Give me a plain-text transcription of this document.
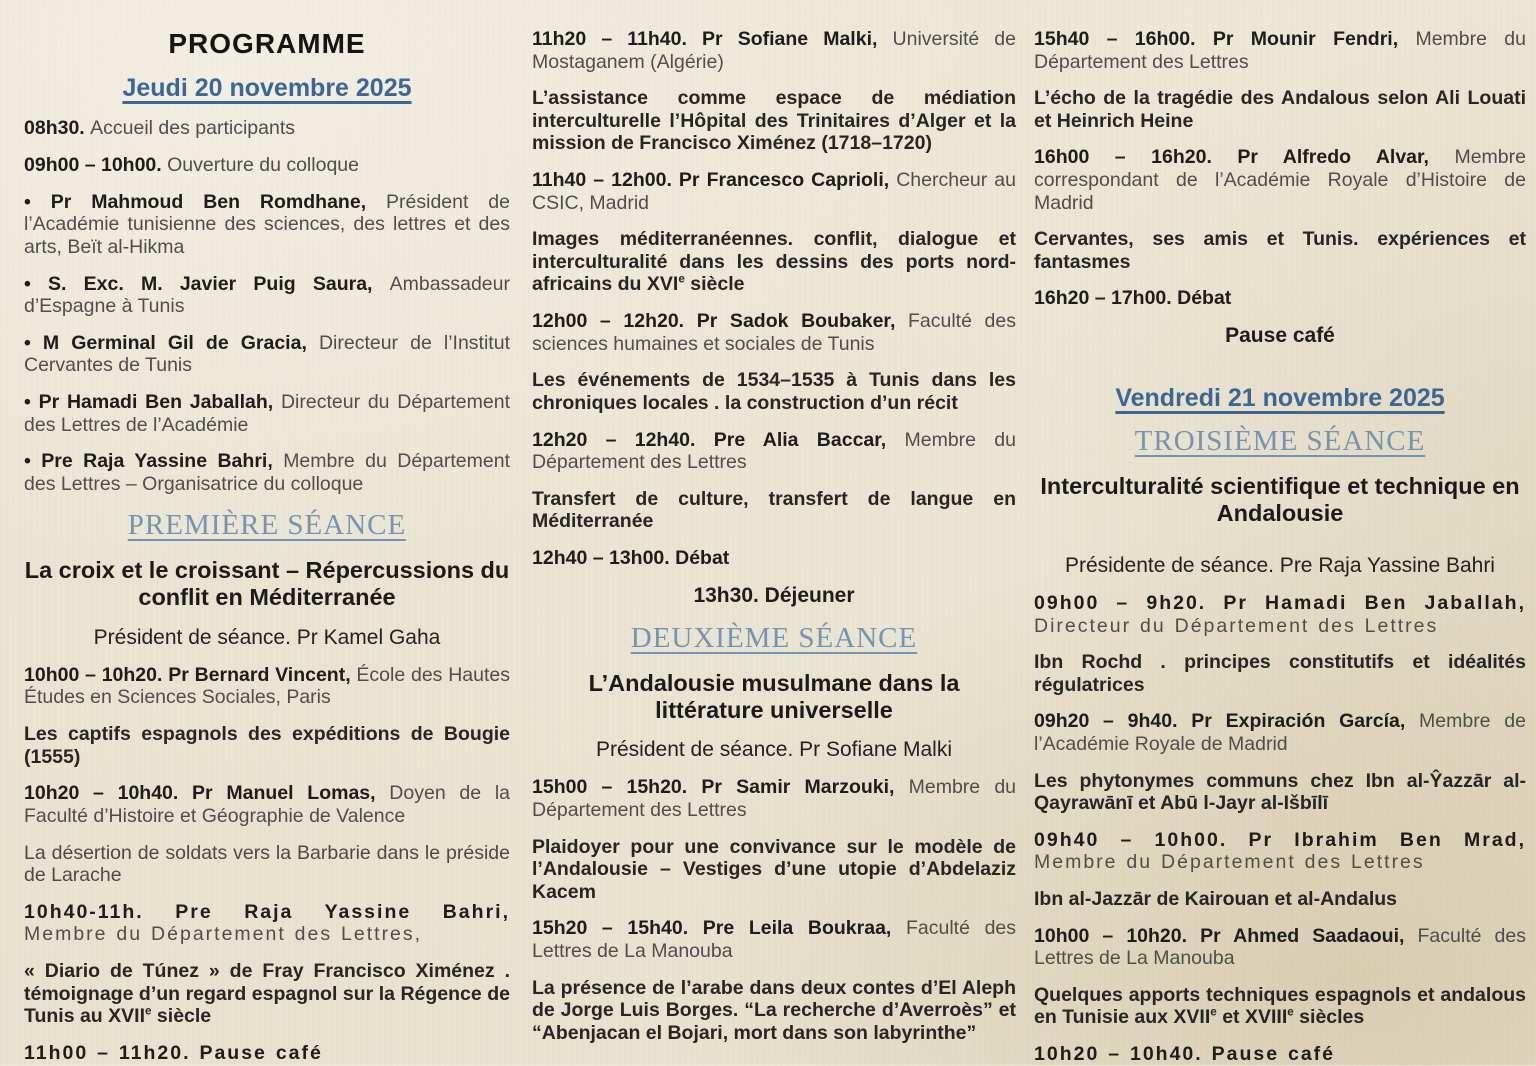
PROGRAMME

Jeudi 20 novembre 2025

08h30. Accueil des participants

09h00 – 10h00. Ouverture du colloque

• Pr Mahmoud Ben Romdhane, Président de l’Académie tunisienne des sciences, des lettres et des arts, Beït al-Hikma

• S. Exc. M. Javier Puig Saura, Ambassadeur d’Espagne à Tunis

• M Germinal Gil de Gracia, Directeur de l’Institut Cervantes de Tunis

• Pr Hamadi Ben Jaballah, Directeur du Département des Lettres de l’Académie

• Pre Raja Yassine Bahri, Membre du Département des Lettres – Organisatrice du colloque

PREMIÈRE SÉANCE

La croix et le croissant – Répercussions du conflit en Méditerranée

Président de séance. Pr Kamel Gaha

10h00 – 10h20. Pr Bernard Vincent, École des Hautes Études en Sciences Sociales, Paris

Les captifs espagnols des expéditions de Bougie (1555)

10h20 – 10h40. Pr Manuel Lomas, Doyen de la Faculté d’Histoire et Géographie de Valence

La désertion de soldats vers la Barbarie dans le préside de Larache

10h40-11h. Pre Raja Yassine Bahri, Membre du Département des Lettres,

« Diario de Túnez » de Fray Francisco Ximénez . témoignage d’un regard espagnol sur la Régence de Tunis au XVIIe siècle

11h00 – 11h20. Pause café

11h20 – 11h40. Pr Sofiane Malki, Université de Mostaganem (Algérie)

L’assistance comme espace de médiation interculturelle l’Hôpital des Trinitaires d’Alger et la mission de Francisco Ximénez (1718–1720)

11h40 – 12h00. Pr Francesco Caprioli, Chercheur au CSIC, Madrid

Images méditerranéennes. conflit, dialogue et interculturalité dans les dessins des ports nord-africains du XVIe siècle

12h00 – 12h20. Pr Sadok Boubaker, Faculté des sciences humaines et sociales de Tunis

Les événements de 1534–1535 à Tunis dans les chroniques locales . la construction d’un récit

12h20 – 12h40. Pre Alia Baccar, Membre du Département des Lettres

Transfert de culture, transfert de langue en Méditerranée

12h40 – 13h00. Débat

13h30. Déjeuner

DEUXIÈME SÉANCE

L’Andalousie musulmane dans la littérature universelle

Président de séance. Pr Sofiane Malki

15h00 – 15h20. Pr Samir Marzouki, Membre du Département des Lettres

Plaidoyer pour une convivance sur le modèle de l’Andalousie – Vestiges d’une utopie d’Abdelaziz Kacem

15h20 – 15h40. Pre Leila Boukraa, Faculté des Lettres de La Manouba

La présence de l’arabe dans deux contes d’El Aleph de Jorge Luis Borges. “La recherche d’Averroès” et “Abenjacan el Bojari, mort dans son labyrinthe”

15h40 – 16h00. Pr Mounir Fendri, Membre du Département des Lettres

L’écho de la tragédie des Andalous selon Ali Louati et Heinrich Heine

16h00 – 16h20. Pr Alfredo Alvar, Membre correspondant de l’Académie Royale d’Histoire de Madrid

Cervantes, ses amis et Tunis. expériences et fantasmes

16h20 – 17h00. Débat

Pause café

Vendredi 21 novembre 2025

TROISIÈME SÉANCE

Interculturalité scientifique et technique en Andalousie

Présidente de séance. Pre Raja Yassine Bahri

09h00 – 9h20. Pr Hamadi Ben Jaballah, Directeur du Département des Lettres

Ibn Rochd . principes constitutifs et idéalités régulatrices

09h20 – 9h40. Pr Expiración García, Membre de l’Académie Royale de Madrid

Les phytonymes communs chez Ibn al-Ŷazzār al-Qayrawānī et Abū l-Jayr al-Išbīlī

09h40 – 10h00. Pr Ibrahim Ben Mrad, Membre du Département des Lettres

Ibn al-Jazzār de Kairouan et al-Andalus

10h00 – 10h20. Pr Ahmed Saadaoui, Faculté des Lettres de La Manouba

Quelques apports techniques espagnols et andalous en Tunisie aux XVIIe et XVIIIe siècles

10h20 – 10h40. Pause café
